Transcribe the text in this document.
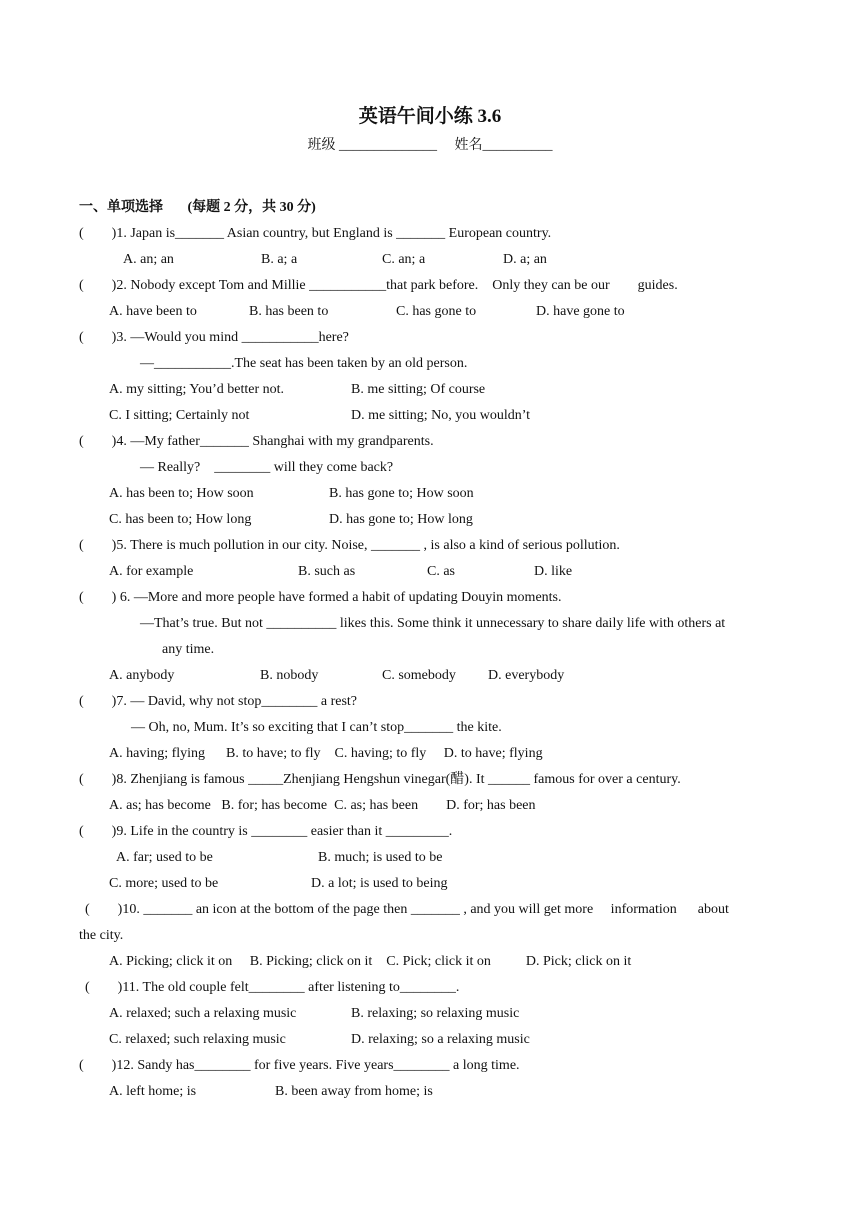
英语午间小练 3.6
班级 ______________     姓名__________
一、单项选择       (每题 2 分，共 30 分)
(        )1. Japan is_______ Asian country, but England is _______ European country.
A. an; an	B. a; a	C. an; a	D. a; an
(        )2. Nobody except Tom and Millie ___________that park before.    Only they can be our        guides.
A. have been to	B. has been to	C. has gone to	D. have gone to
(        )3. —Would you mind ___________here?
—___________.The seat has been taken by an old person.
A. my sitting; You’d better not.	B. me sitting; Of course
C. I sitting; Certainly not	D. me sitting; No, you wouldn’t
(        )4. —My father_______ Shanghai with my grandparents.
— Really?    ________ will they come back?
A. has been to; How soon	B. has gone to; How soon
C. has been to; How long	D. has gone to; How long
(        )5. There is much pollution in our city. Noise, _______ , is also a kind of serious pollution.
A. for example	B. such as	C. as	D. like
(        ) 6. —More and more people have formed a habit of updating Douyin moments.
—That’s true. But not __________ likes this. Some think it unnecessary to share daily life with others at
any time.
A. anybody	B. nobody	C. somebody D. everybody
(        )7. — David, why not stop________ a rest?
— Oh, no, Mum. It’s so exciting that I can’t stop_______ the kite.
A. having; flying      B. to have; to fly    C. having; to fly     D. to have; flying
(        )8. Zhenjiang is famous _____Zhenjiang Hengshun vinegar(醋). It ______ famous for over a century.
A. as; has become   B. for; has become  C. as; has been        D. for; has been
(        )9. Life in the country is ________ easier than it _________.
A. far; used to be	B. much; is used to be
C. more; used to be	D. a lot; is used to being
(        )10. _______ an icon at the bottom of the page then _______ , and you will get more     information      about
the city.
A. Picking; click it on     B. Picking; click on it    C. Pick; click it on          D. Pick; click on it
(        )11. The old couple felt________ after listening to________.
A. relaxed; such a relaxing music	B. relaxing; so relaxing music
C. relaxed; such relaxing music	D. relaxing; so a relaxing music
(        )12. Sandy has________ for five years. Five years________ a long time.
A. left home; is	B. been away from home; is
